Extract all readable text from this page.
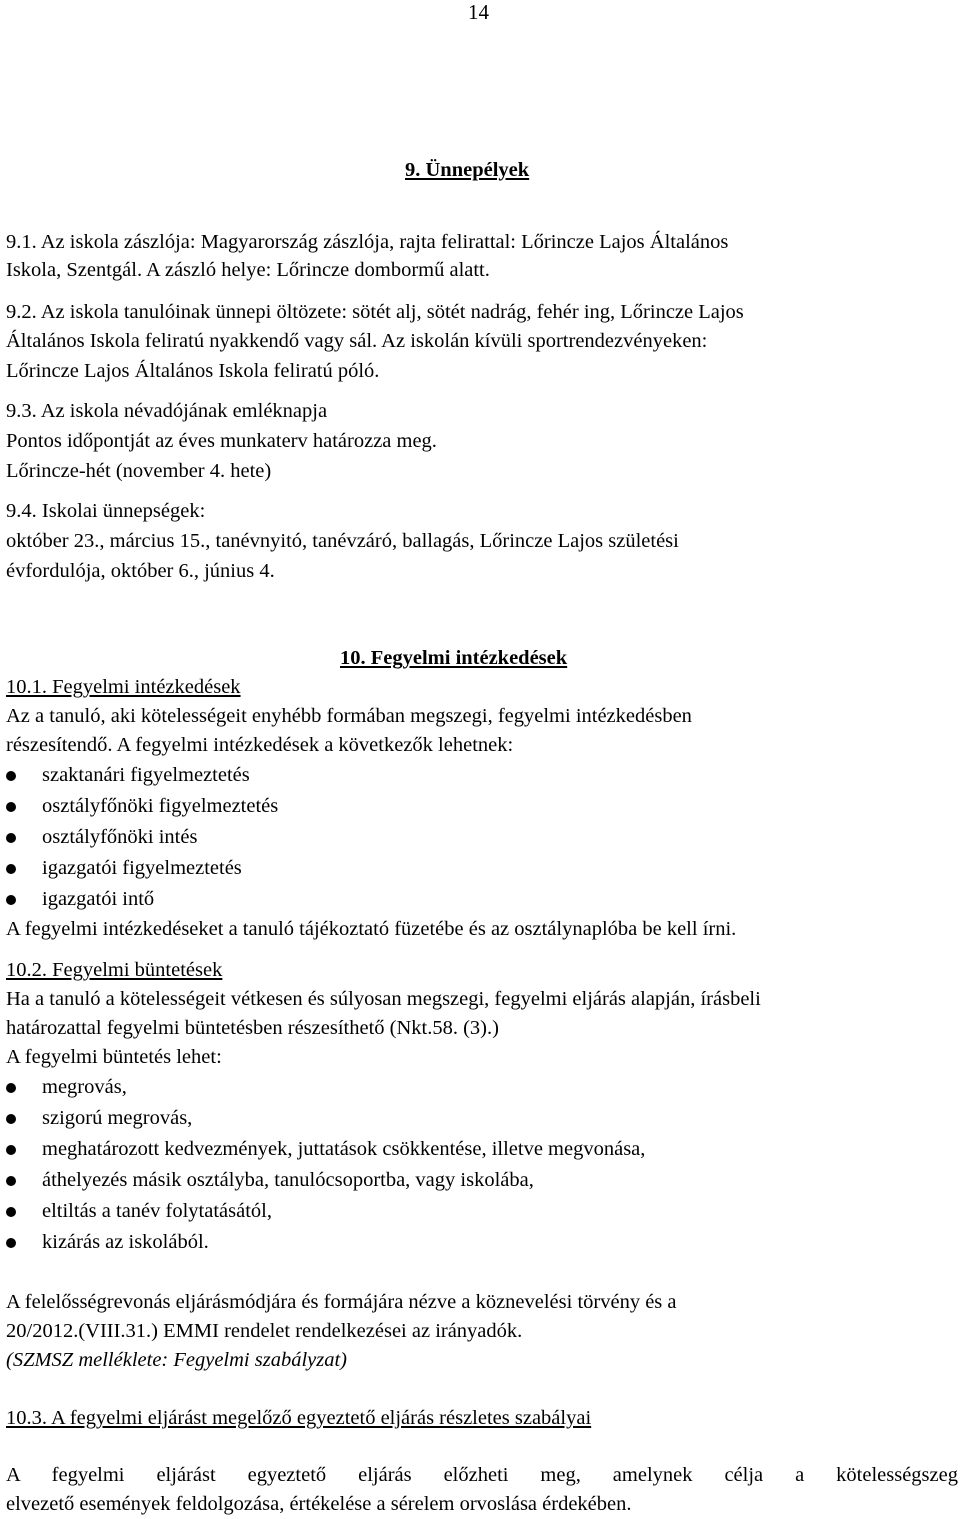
14
9. Ünnepélyek
9.1. Az iskola zászlója: Magyarország zászlója, rajta felirattal: Lőrincze Lajos Általános
Iskola, Szentgál. A zászló helye: Lőrincze dombormű alatt.
9.2. Az iskola tanulóinak ünnepi öltözete: sötét alj, sötét nadrág, fehér ing, Lőrincze Lajos
Általános Iskola feliratú nyakkendő vagy sál. Az iskolán kívüli sportrendezvényeken:
Lőrincze Lajos Általános Iskola feliratú póló.
9.3. Az iskola névadójának emléknapja
Pontos időpontját az éves munkaterv határozza meg.
Lőrincze-hét (november 4. hete)
9.4. Iskolai ünnepségek:
október 23., március 15., tanévnyitó, tanévzáró, ballagás, Lőrincze Lajos születési
évfordulója, október 6., június 4.
10. Fegyelmi intézkedések
10.1. Fegyelmi intézkedések
Az a tanuló, aki kötelességeit enyhébb formában megszegi, fegyelmi intézkedésben
részesítendő. A fegyelmi intézkedések a következők lehetnek:
szaktanári figyelmeztetés
osztályfőnöki figyelmeztetés
osztályfőnöki intés
igazgatói figyelmeztetés
igazgatói intő
A fegyelmi intézkedéseket a tanuló tájékoztató füzetébe és az osztálynaplóba be kell írni.
10.2. Fegyelmi büntetések
Ha a tanuló a kötelességeit vétkesen és súlyosan megszegi, fegyelmi eljárás alapján, írásbeli
határozattal fegyelmi büntetésben részesíthető (Nkt.58. (3).)
A fegyelmi büntetés lehet:
megrovás,
szigorú megrovás,
meghatározott kedvezmények, juttatások csökkentése, illetve megvonása,
áthelyezés másik osztályba, tanulócsoportba, vagy iskolába,
eltiltás a tanév folytatásától,
kizárás az iskolából.
A felelősségrevonás eljárásmódjára és formájára nézve a köznevelési törvény és a
20/2012.(VIII.31.) EMMI rendelet rendelkezései az irányadók.
(SZMSZ melléklete: Fegyelmi szabályzat)
10.3. A fegyelmi eljárást megelőző egyeztető eljárás részletes szabályai
A fegyelmi eljárást egyeztető eljárás előzheti meg, amelynek célja a kötelességszeg
elvezető események feldolgozása, értékelése a sérelem orvoslása érdekében.
